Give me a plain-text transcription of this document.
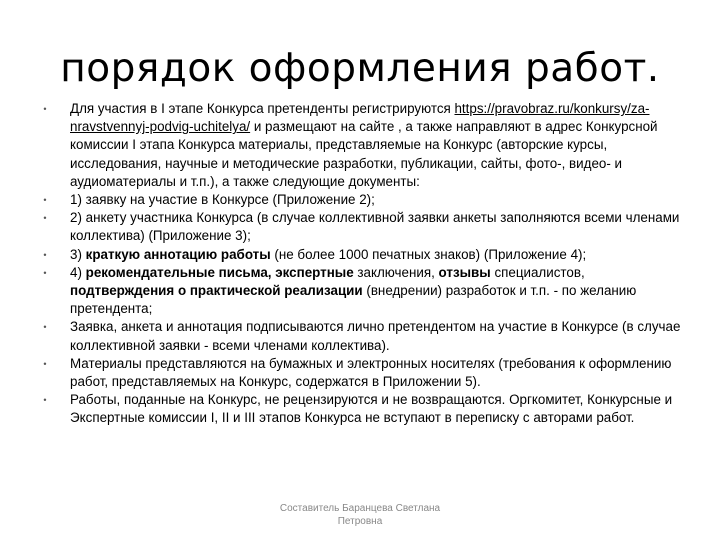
порядок оформления работ.
• Для участия в I этапе Конкурса претенденты регистрируются https://pravobraz.ru/konkursy/za-nravstvennyj-podvig-uchitelya/ и размещают на сайте , а также направляют в адрес Конкурсной комиссии I этапа Конкурса материалы, представляемые на Конкурс (авторские курсы, исследования, научные и методические разработки, публикации, сайты, фото-, видео- и аудиоматериалы и т.п.), а также следующие документы:
• 1) заявку на участие в Конкурсе (Приложение 2);
• 2) анкету участника Конкурса (в случае коллективной заявки анкеты заполняются всеми членами коллектива) (Приложение 3);
• 3) краткую аннотацию работы (не более 1000 печатных знаков) (Приложение 4);
• 4) рекомендательные письма, экспертные заключения, отзывы специалистов, подтверждения о практической реализации (внедрении) разработок и т.п. - по желанию претендента;
• Заявка, анкета и аннотация подписываются лично претендентом на участие в Конкурсе (в случае коллективной заявки - всеми членами коллектива).
• Материалы представляются на бумажных и электронных носителях (требования к оформлению работ, представляемых на Конкурс, содержатся в Приложении 5).
• Работы, поданные на Конкурс, не рецензируются и не возвращаются. Оргкомитет, Конкурсные и Экспертные комиссии I, II и III этапов Конкурса не вступают в переписку с авторами работ.
Составитель Баранцева Светлана
Петровна
